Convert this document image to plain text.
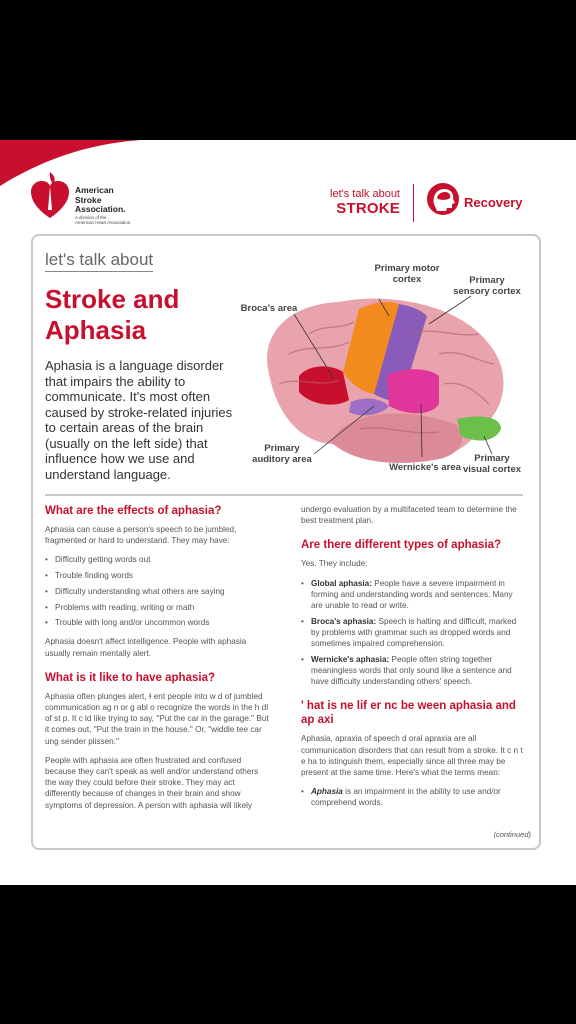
American
Stroke
Association.
A division of the
American Heart Association.
let's talk about
STROKE	Recovery
let's talk about
Stroke and
Aphasia
Aphasia is a language disorder that impairs the ability to communicate. It's most often caused by stroke-related injuries to certain areas of the brain (usually on the left side) that influence how we use and understand language.
Primary motor
cortex	Primary
sensory cortex
Broca's area
Primary
auditory area
Wernicke's area
Primary
visual cortex
What are the effects of aphasia?

Aphasia can cause a person's speech to be jumbled, fragmented or hard to understand. They may have:

• Difficulty getting words out
• Trouble finding words
• Difficulty understanding what others are saying
• Problems with reading, writing or math
• Trouble with long and/or uncommon words

Aphasia doesn't affect intelligence. People with aphasia usually remain mentally alert.

What is it like to have aphasia?

Aphasia often plunges alert, ɫ ent people into w d of jumbled communication ag n or g abl o recognize the words in the h dl of st p. It c ld like trying to say, "Put the car in the garage." But it comes out, "Put the train in the house." Or, "widdle tee car ung sender plissen."

People with aphasia are often frustrated and confused because they can't speak as well and/or understand others the way they could before their stroke. They may act differently because of changes in their brain and show symptoms of depression. A person with aphasia will likely

undergo evaluation by a multifaceted team to determine the best treatment plan.

Are there different types of aphasia?

Yes. They include:

• Global aphasia: People have a severe impairment in forming and understanding words and sentences. Many are unable to read or write.
• Broca's aphasia: Speech is halting and difficult, marked by problems with grammar such as dropped words and sometimes impaired comprehension.
• Wernicke's aphasia: People often string together meaningless words that only sound like a sentence and have difficulty understanding others' speech.
' hat is ne lif er nc be ween aphasia and ap axi

Aphasia, apraxia of speech d oral apraxia are all communication disorders that can result from a stroke. It c n t e ha to istinguish them, especially since all three may be present at the same time. Here's what the terms mean:

• Aphasia is an impairment in the ability to use and/or comprehend words.
(continued)
